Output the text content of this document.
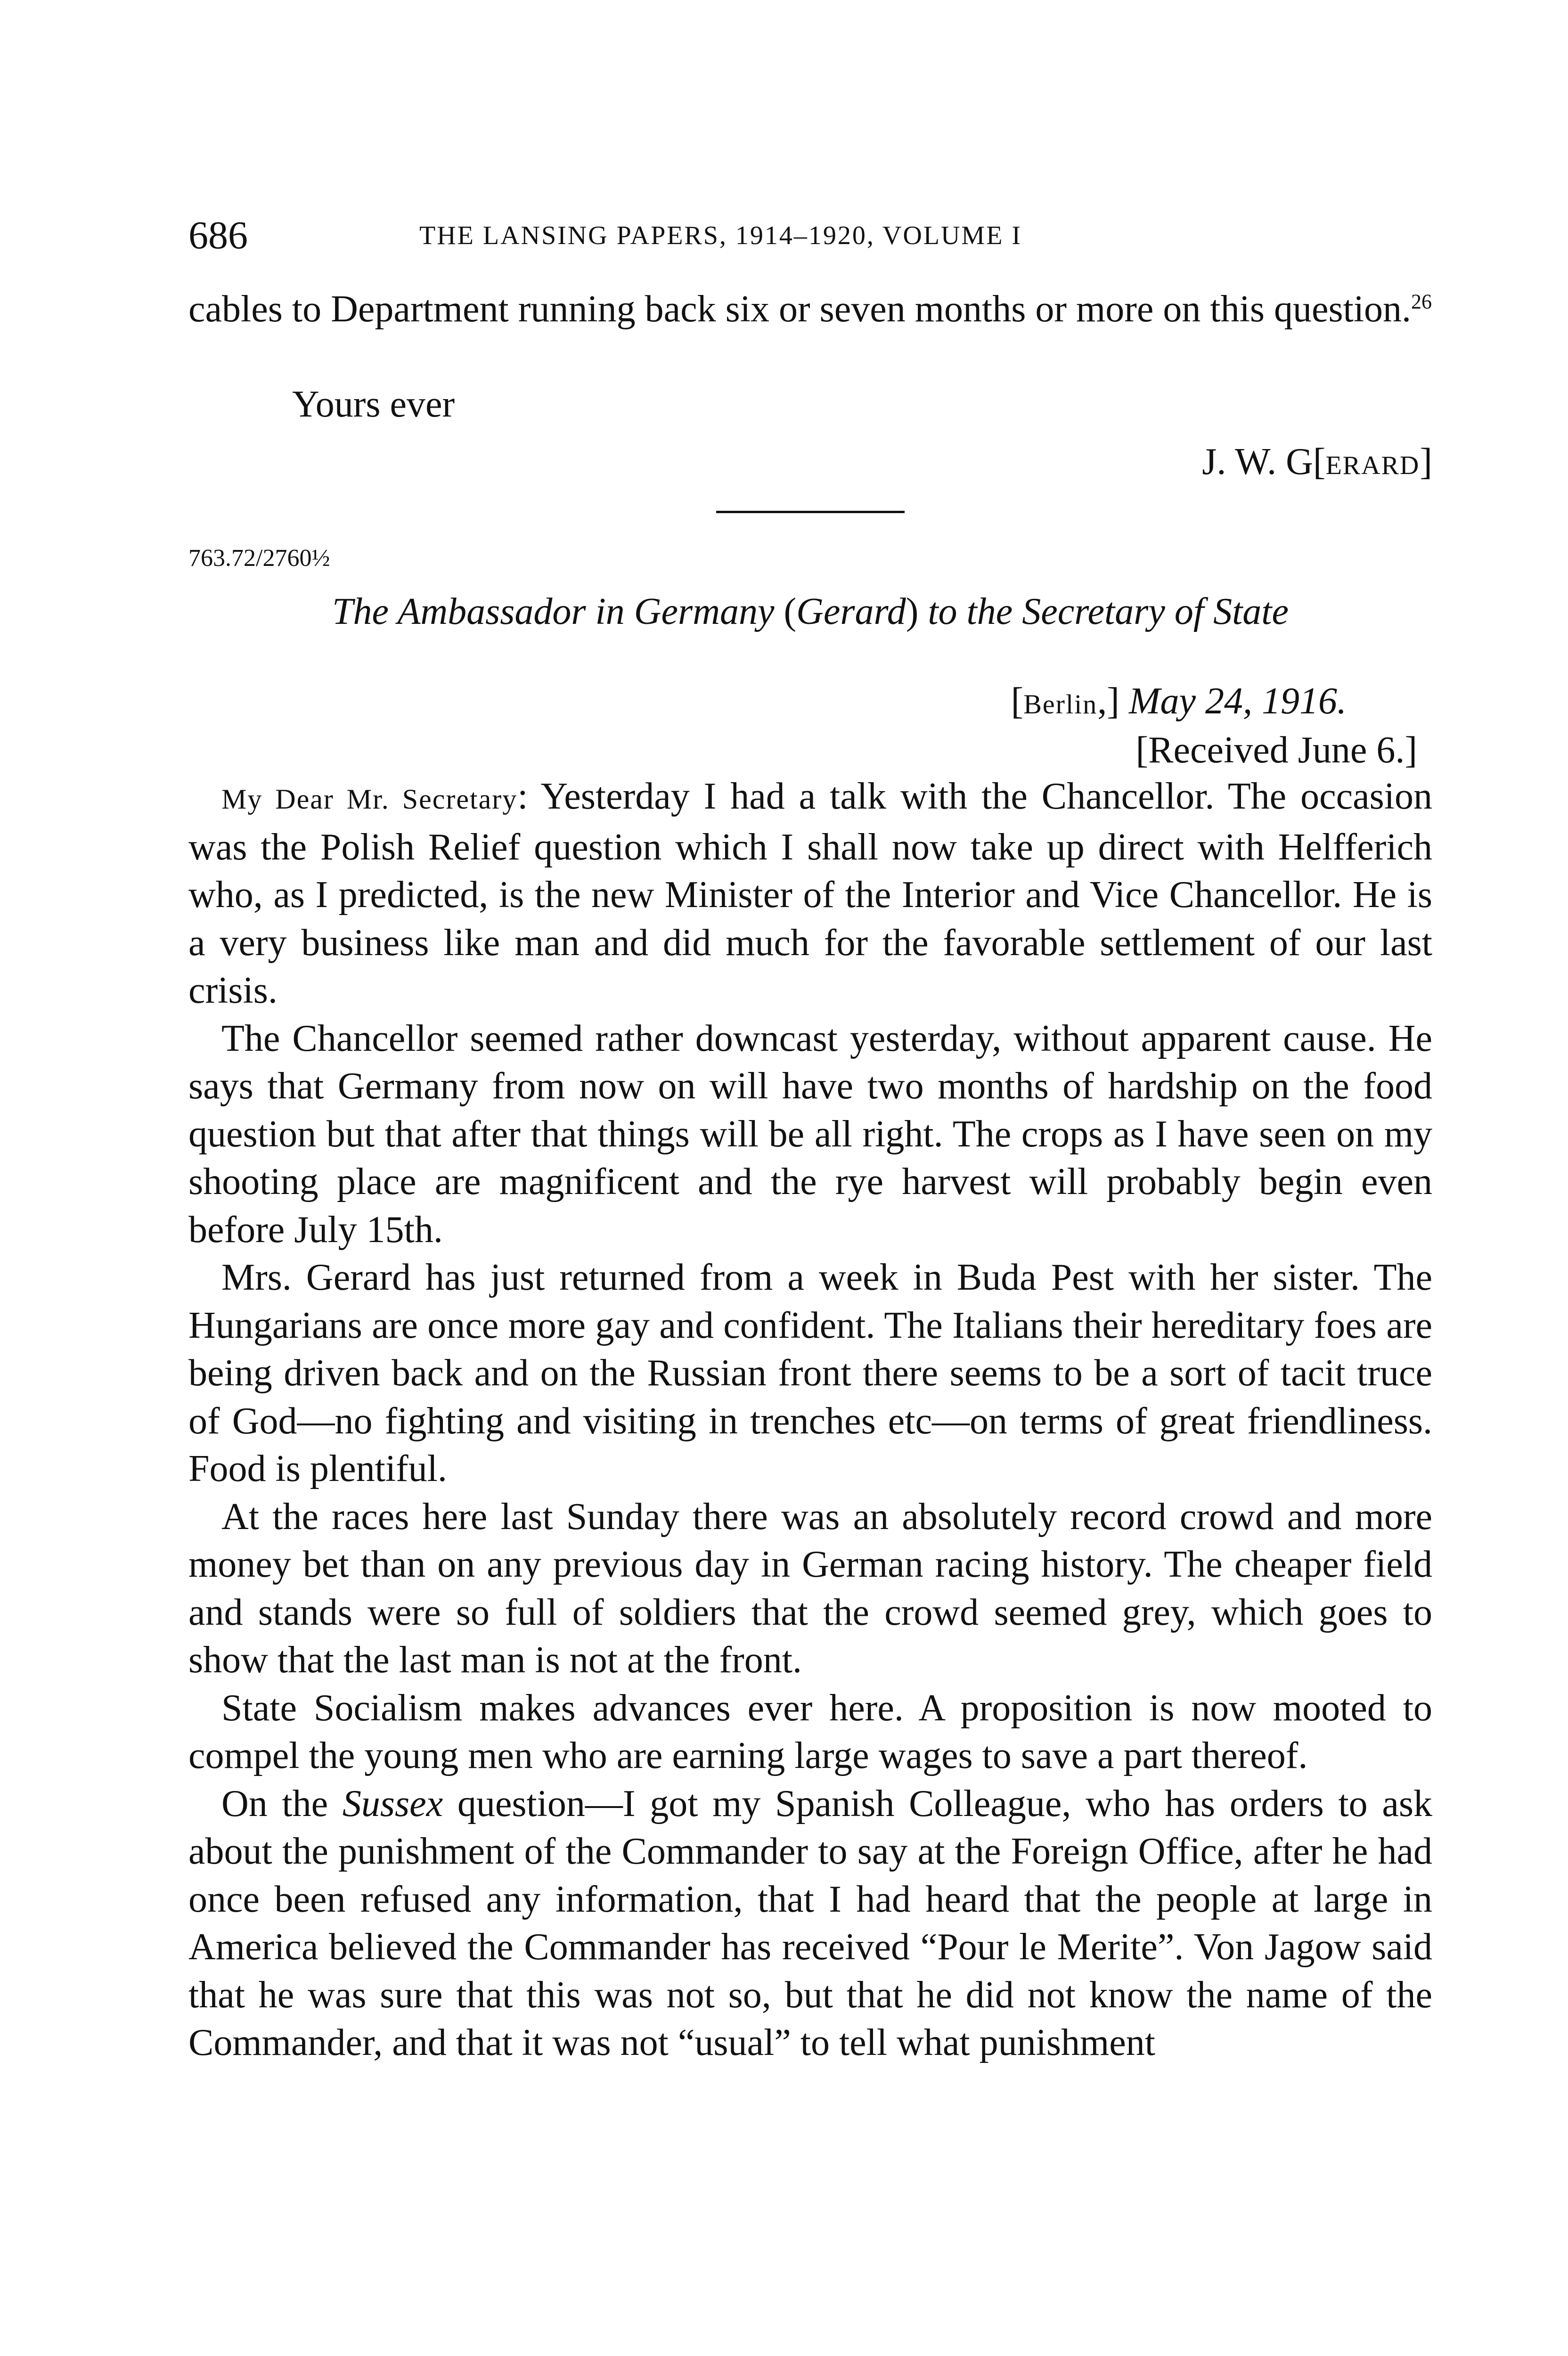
686	THE LANSING PAPERS, 1914–1920, VOLUME I

cables to Department running back six or seven months or more on this question.$^{26}$

Yours ever
J. W. G[ERARD]
763.72/2760½
The Ambassador in Germany (Gerard) to the Secretary of State
[Berlin,] May 24, 1916.
[Received June 6.]

My Dear Mr. Secretary: Yesterday I had a talk with the Chancellor. The occasion was the Polish Relief question which I shall now take up direct with Helfferich who, as I predicted, is the new Minister of the Interior and Vice Chancellor. He is a very business like man and did much for the favorable settlement of our last crisis.

The Chancellor seemed rather downcast yesterday, without apparent cause. He says that Germany from now on will have two months of hardship on the food question but that after that things will be all right. The crops as I have seen on my shooting place are magnificent and the rye harvest will probably begin even before July 15th.

Mrs. Gerard has just returned from a week in Buda Pest with her sister. The Hungarians are once more gay and confident. The Italians their hereditary foes are being driven back and on the Russian front there seems to be a sort of tacit truce of God—no fighting and visiting in trenches etc—on terms of great friendliness. Food is plentiful.

At the races here last Sunday there was an absolutely record crowd and more money bet than on any previous day in German racing history. The cheaper field and stands were so full of soldiers that the crowd seemed grey, which goes to show that the last man is not at the front.

State Socialism makes advances ever here. A proposition is now mooted to compel the young men who are earning large wages to save a part thereof.

On the Sussex question—I got my Spanish Colleague, who has orders to ask about the punishment of the Commander to say at the Foreign Office, after he had once been refused any information, that I had heard that the people at large in America believed the Commander has received “Pour le Merite”. Von Jagow said that he was sure that this was not so, but that he did not know the name of the Commander, and that it was not “usual” to tell what punishment
